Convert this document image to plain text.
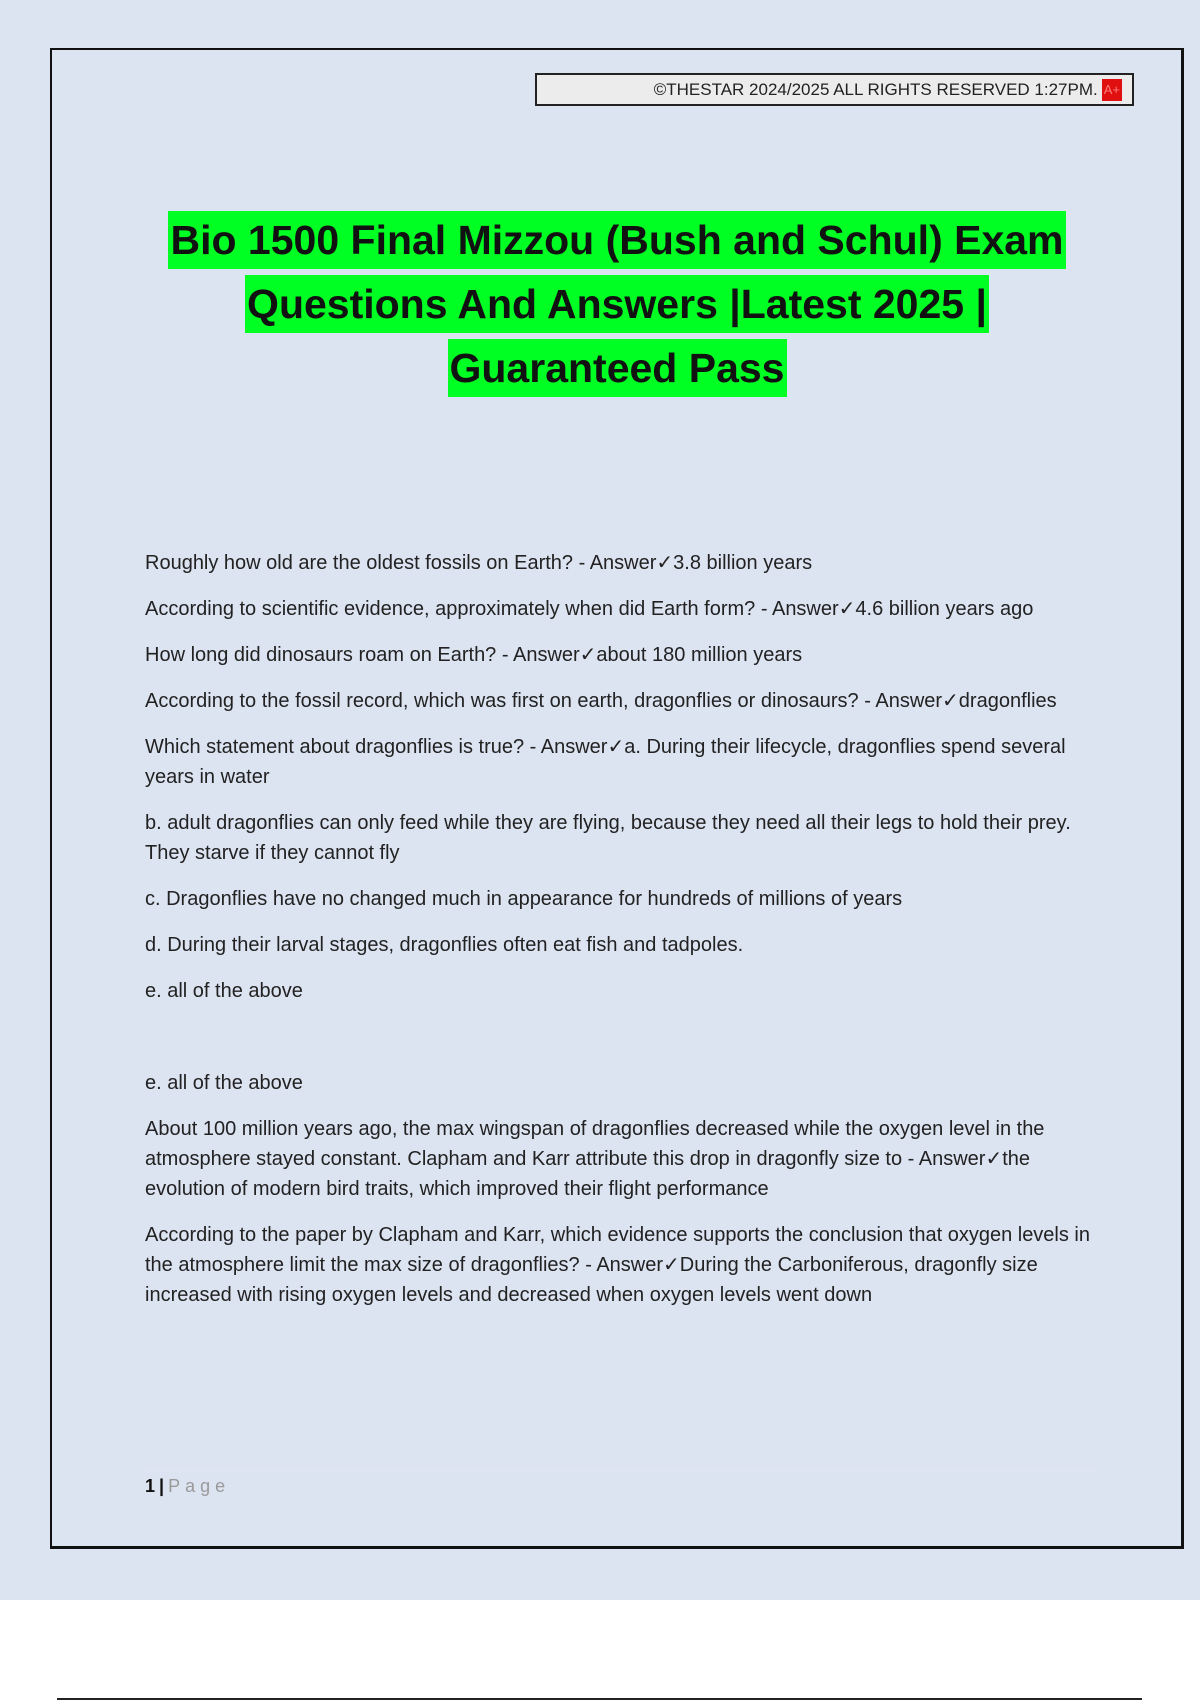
©THESTAR 2024/2025 ALL RIGHTS RESERVED 1:27PM. A+
Bio 1500 Final Mizzou (Bush and Schul) Exam
Questions And Answers |Latest 2025 |
Guaranteed Pass

Roughly how old are the oldest fossils on Earth? - Answer✓3.8 billion years

According to scientific evidence, approximately when did Earth form? - Answer✓4.6 billion years ago

How long did dinosaurs roam on Earth? - Answer✓about 180 million years

According to the fossil record, which was first on earth, dragonflies or dinosaurs? - Answer✓dragonflies

Which statement about dragonflies is true? - Answer✓a. During their lifecycle, dragonflies spend several years in water

b. adult dragonflies can only feed while they are flying, because they need all their legs to hold their prey. They starve if they cannot fly

c. Dragonflies have no changed much in appearance for hundreds of millions of years

d. During their larval stages, dragonflies often eat fish and tadpoles.

e. all of the above

e. all of the above

About 100 million years ago, the max wingspan of dragonflies decreased while the oxygen level in the atmosphere stayed constant. Clapham and Karr attribute this drop in dragonfly size to - Answer✓the evolution of modern bird traits, which improved their flight performance

According to the paper by Clapham and Karr, which evidence supports the conclusion that oxygen levels in the atmosphere limit the max size of dragonflies? - Answer✓During the Carboniferous, dragonfly size increased with rising oxygen levels and decreased when oxygen levels went down

1 | Page
